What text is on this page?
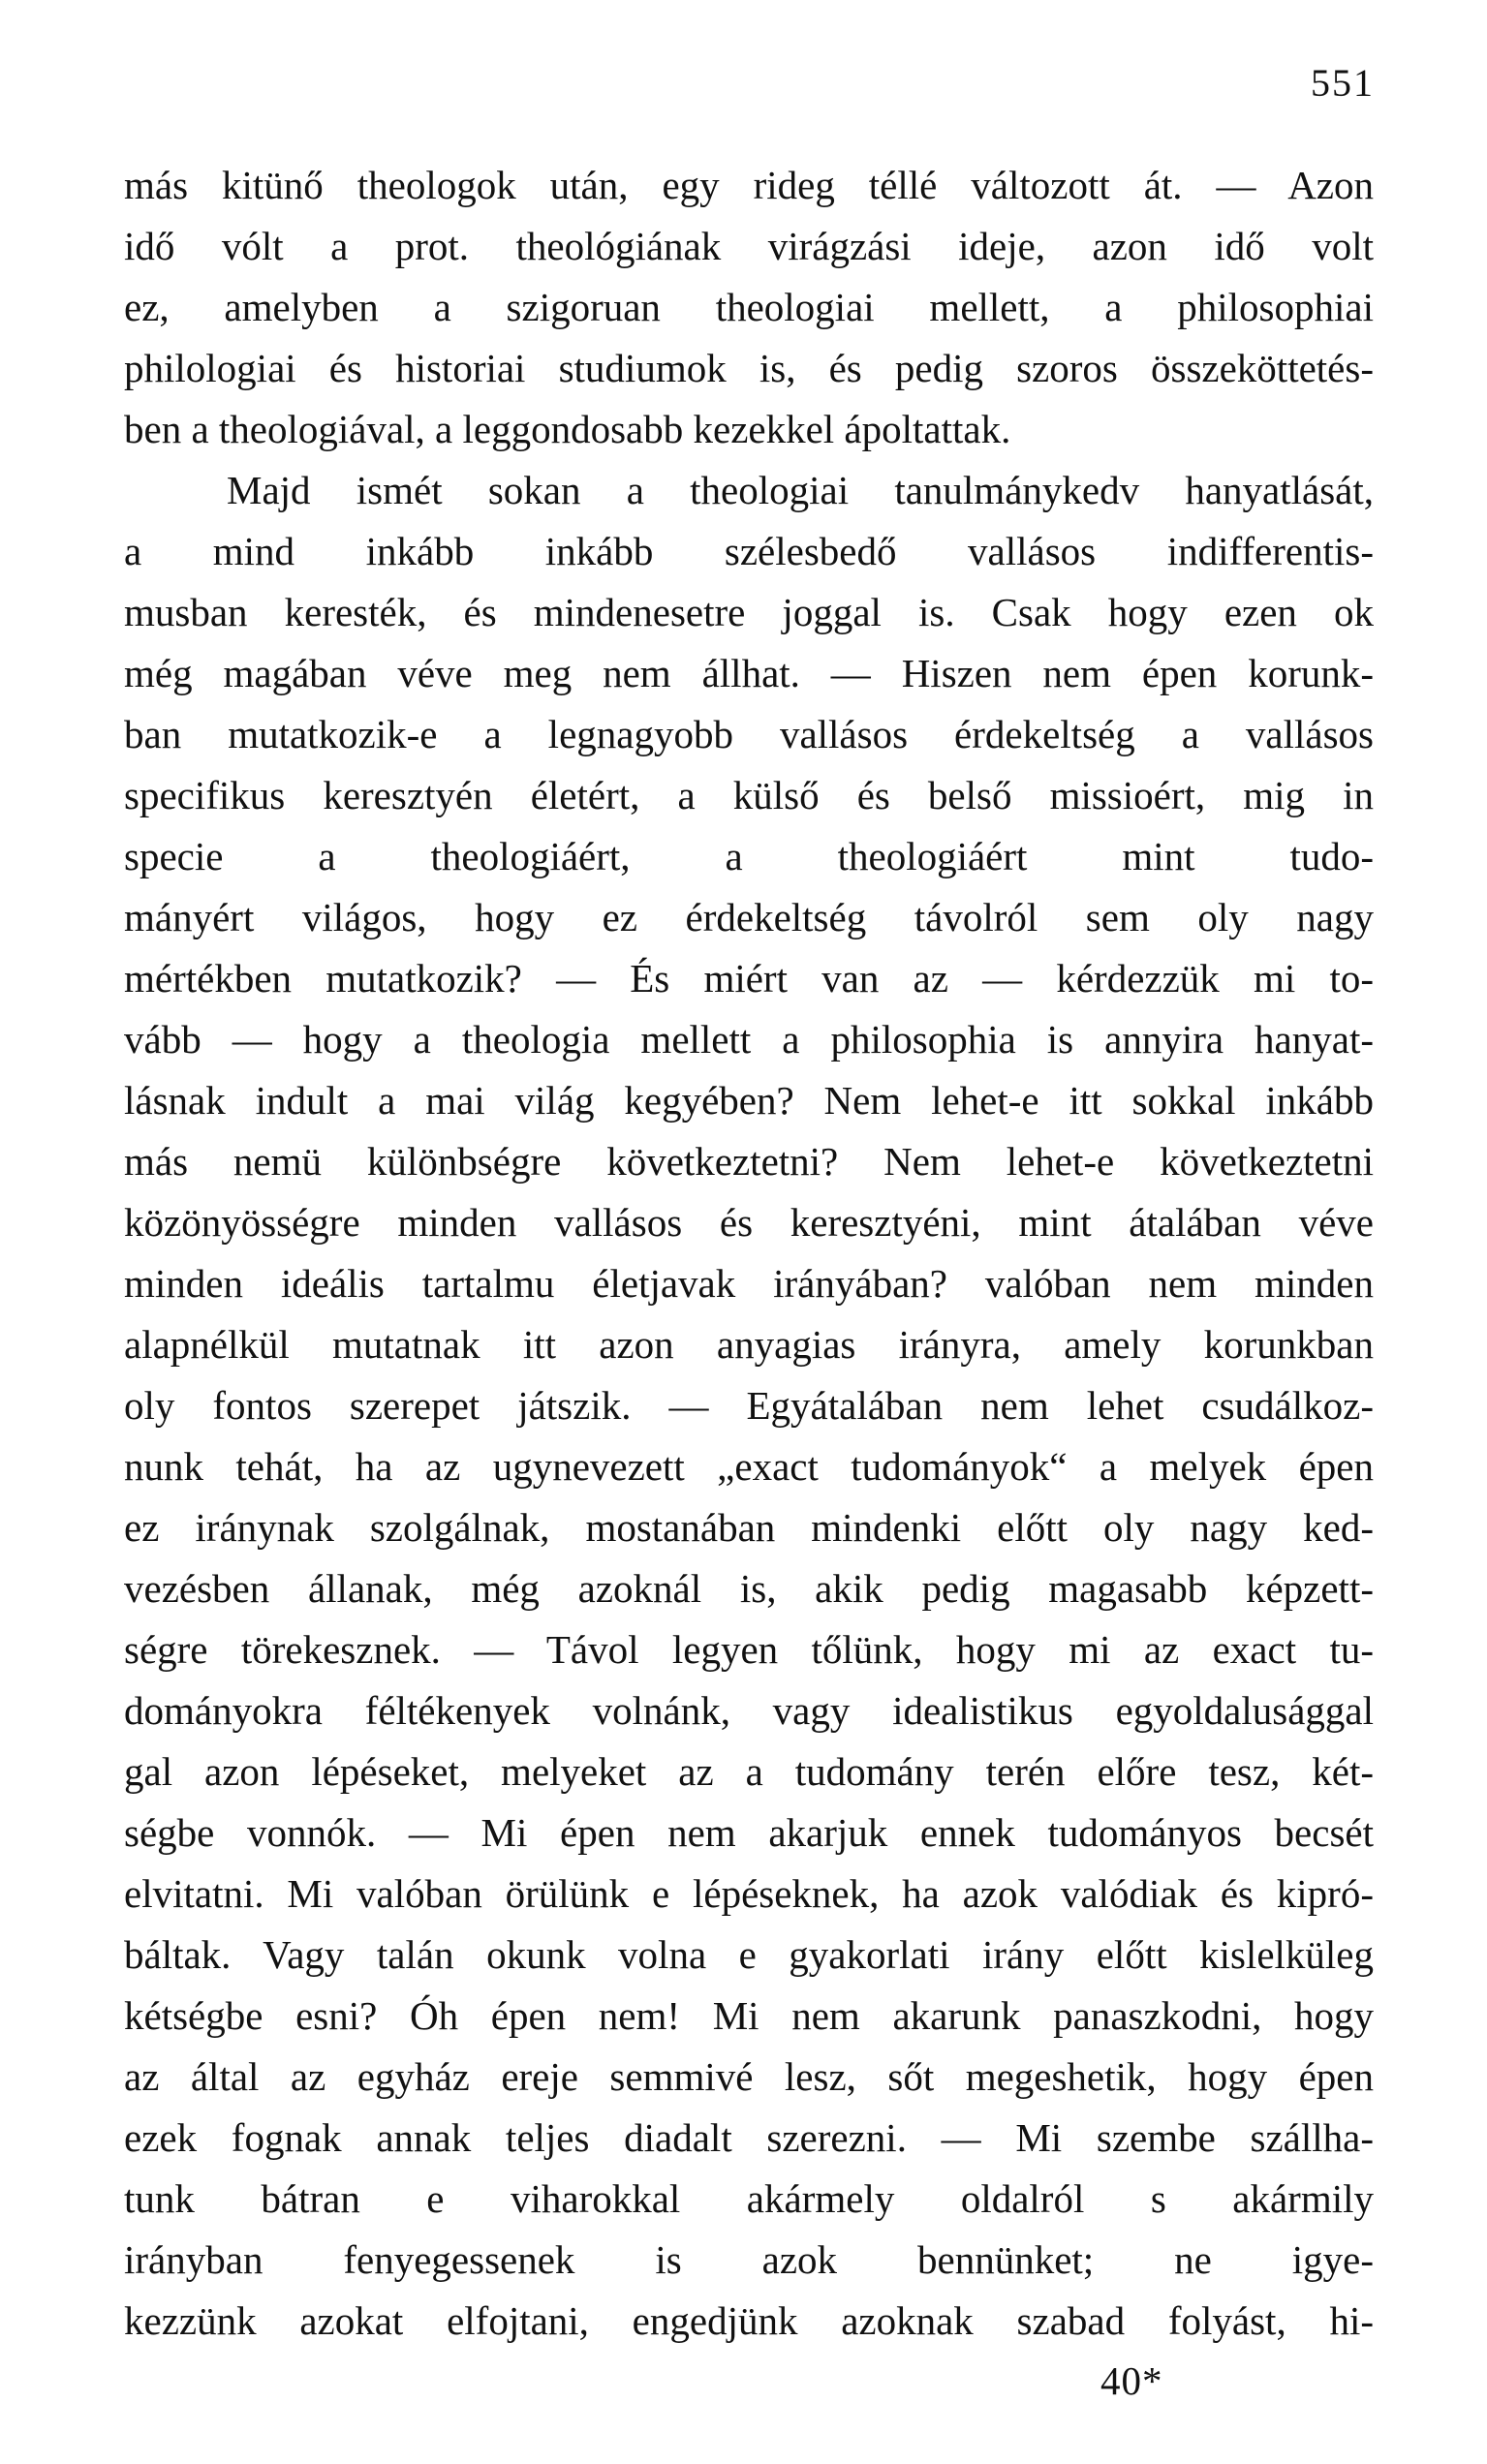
551
más kitünő theologok után, egy rideg téllé változott át. — Azon
idő vólt a prot. theológiának virágzási ideje, azon idő volt
ez, amelyben a szigoruan theologiai mellett, a philosophiai
philologiai és historiai studiumok is, és pedig szoros összeköttetés-
ben a theologiával, a leggondosabb kezekkel ápoltattak.
Majd ismét sokan a theologiai tanulmánykedv hanyatlását,
a mind inkább inkább szélesbedő vallásos indifferentis-
musban keresték, és mindenesetre joggal is. Csak hogy ezen ok
még magában véve meg nem állhat. — Hiszen nem épen korunk-
ban mutatkozik-e a legnagyobb vallásos érdekeltség a vallásos
specifikus keresztyén életért, a külső és belső missioért, mig in
specie a theologiáért, a theologiáért mint tudo-
mányért világos, hogy ez érdekeltség távolról sem oly nagy
mértékben mutatkozik? — És miért van az — kérdezzük mi to-
vább — hogy a theologia mellett a philosophia is annyira hanyat-
lásnak indult a mai világ kegyében? Nem lehet-e itt sokkal inkább
más nemü különbségre következtetni? Nem lehet-e következtetni
közönyösségre minden vallásos és keresztyéni, mint átalában véve
minden ideális tartalmu életjavak irányában? valóban nem minden
alapnélkül mutatnak itt azon anyagias irányra, amely korunkban
oly fontos szerepet játszik. — Egyátalában nem lehet csudálkoz-
nunk tehát, ha az ugynevezett „exact tudományok“ a melyek épen
ez iránynak szolgálnak, mostanában mindenki előtt oly nagy ked-
vezésben állanak, még azoknál is, akik pedig magasabb képzett-
ségre törekesznek. — Távol legyen tőlünk, hogy mi az exact tu-
dományokra féltékenyek volnánk, vagy idealistikus egyoldalusággal
gal azon lépéseket, melyeket az a tudomány terén előre tesz, két-
ségbe vonnók. — Mi épen nem akarjuk ennek tudományos becsét
elvitatni. Mi valóban örülünk e lépéseknek, ha azok valódiak és kipró-
báltak. Vagy talán okunk volna e gyakorlati irány előtt kislelküleg
kétségbe esni? Óh épen nem! Mi nem akarunk panaszkodni, hogy
az által az egyház ereje semmivé lesz, sőt megeshetik, hogy épen
ezek fognak annak teljes diadalt szerezni. — Mi szembe szállha-
tunk bátran e viharokkal akármely oldalról s akármily
irányban fenyegessenek is azok bennünket; ne igye-
kezzünk azokat elfojtani, engedjünk azoknak szabad folyást, hi-
40*
